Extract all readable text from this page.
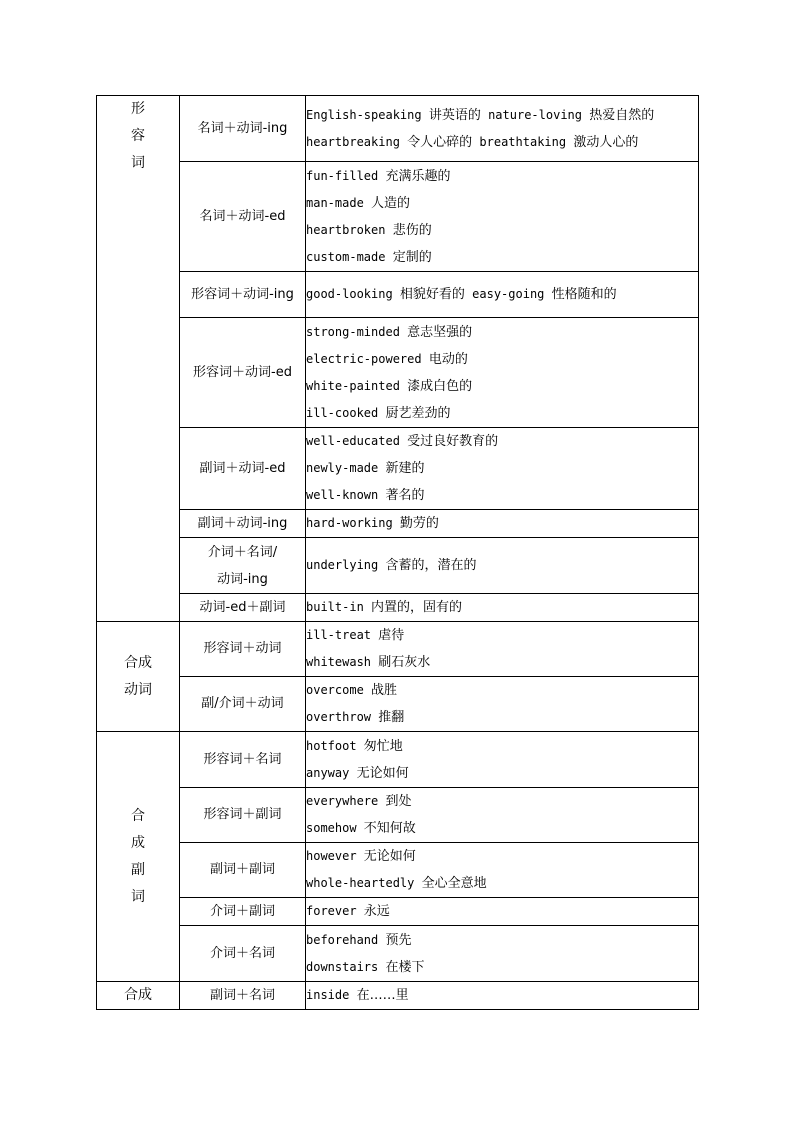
形
容
词	名词＋动词-ing	English-speaking 讲英语的 nature-loving 热爱自然的
heartbreaking 令人心碎的 breathtaking 激动人心的

	名词＋动词-ed	fun-filled 充满乐趣的
man-made 人造的
heartbroken 悲伤的
custom-made 定制的

	形容词＋动词-ing	good-looking 相貌好看的 easy-going 性格随和的

	形容词＋动词-ed	strong-minded 意志坚强的
electric-powered 电动的
white-painted 漆成白色的
ill-cooked 厨艺差劲的

	副词＋动词-ed	well-educated 受过良好教育的
newly-made 新建的
well-known 著名的

	副词＋动词-ing	hard-working 勤劳的

	介词＋名词/
动词-ing	underlying 含蓄的，潜在的

	动词-ed＋副词	built-in 内置的，固有的

合成
动词	形容词＋动词	ill-treat 虐待
whitewash 刷石灰水

	副/介词＋动词	overcome 战胜
overthrow 推翻

合
成
副
词	形容词＋名词	hotfoot 匆忙地
anyway 无论如何

	形容词＋副词	everywhere 到处
somehow 不知何故

	副词＋副词	however 无论如何
whole-heartedly 全心全意地

	介词＋副词	forever 永远

	介词＋名词	beforehand 预先
downstairs 在楼下

合成	副词＋名词	inside 在……里
